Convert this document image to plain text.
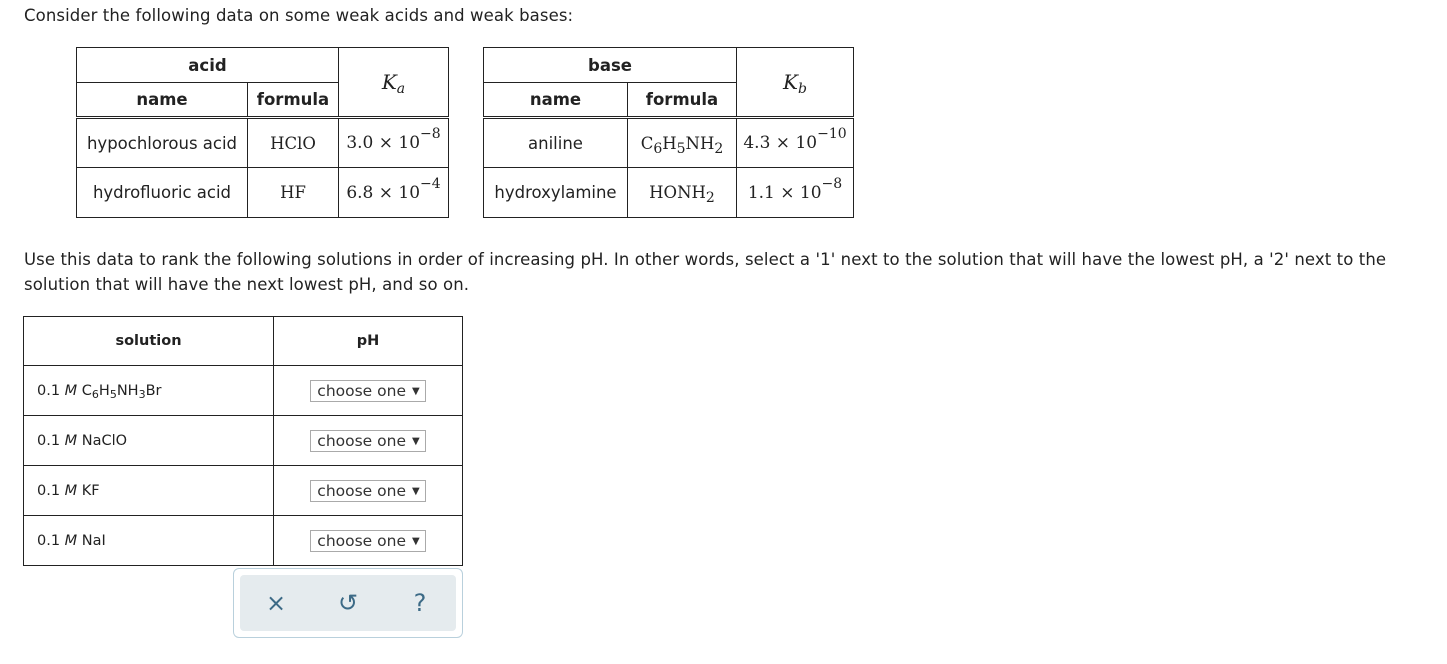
Consider the following data on some weak acids and weak bases:
acid		$K_a$
name	formula	
hypochlorous acid	HClO	$3.0 \times 10^{-8}$
hydrofluoric acid	HF	$6.8 \times 10^{-4}$
base		$K_b$
name	formula	
aniline	$C_6H_5NH_2$	$4.3 \times 10^{-10}$
hydroxylamine	$HONH_2$	$1.1 \times 10^{-8}$
Use this data to rank the following solutions in order of increasing pH. In other words, select a '1' next to the solution that will have the lowest pH, a '2' next to the solution that will have the next lowest pH, and so on.
solution	pH
0.1 M $C_6H_5NH_3Br$	choose one ▼
0.1 M NaClO	choose one ▼
0.1 M KF	choose one ▼
0.1 M NaI	choose one ▼
×	↺	?
